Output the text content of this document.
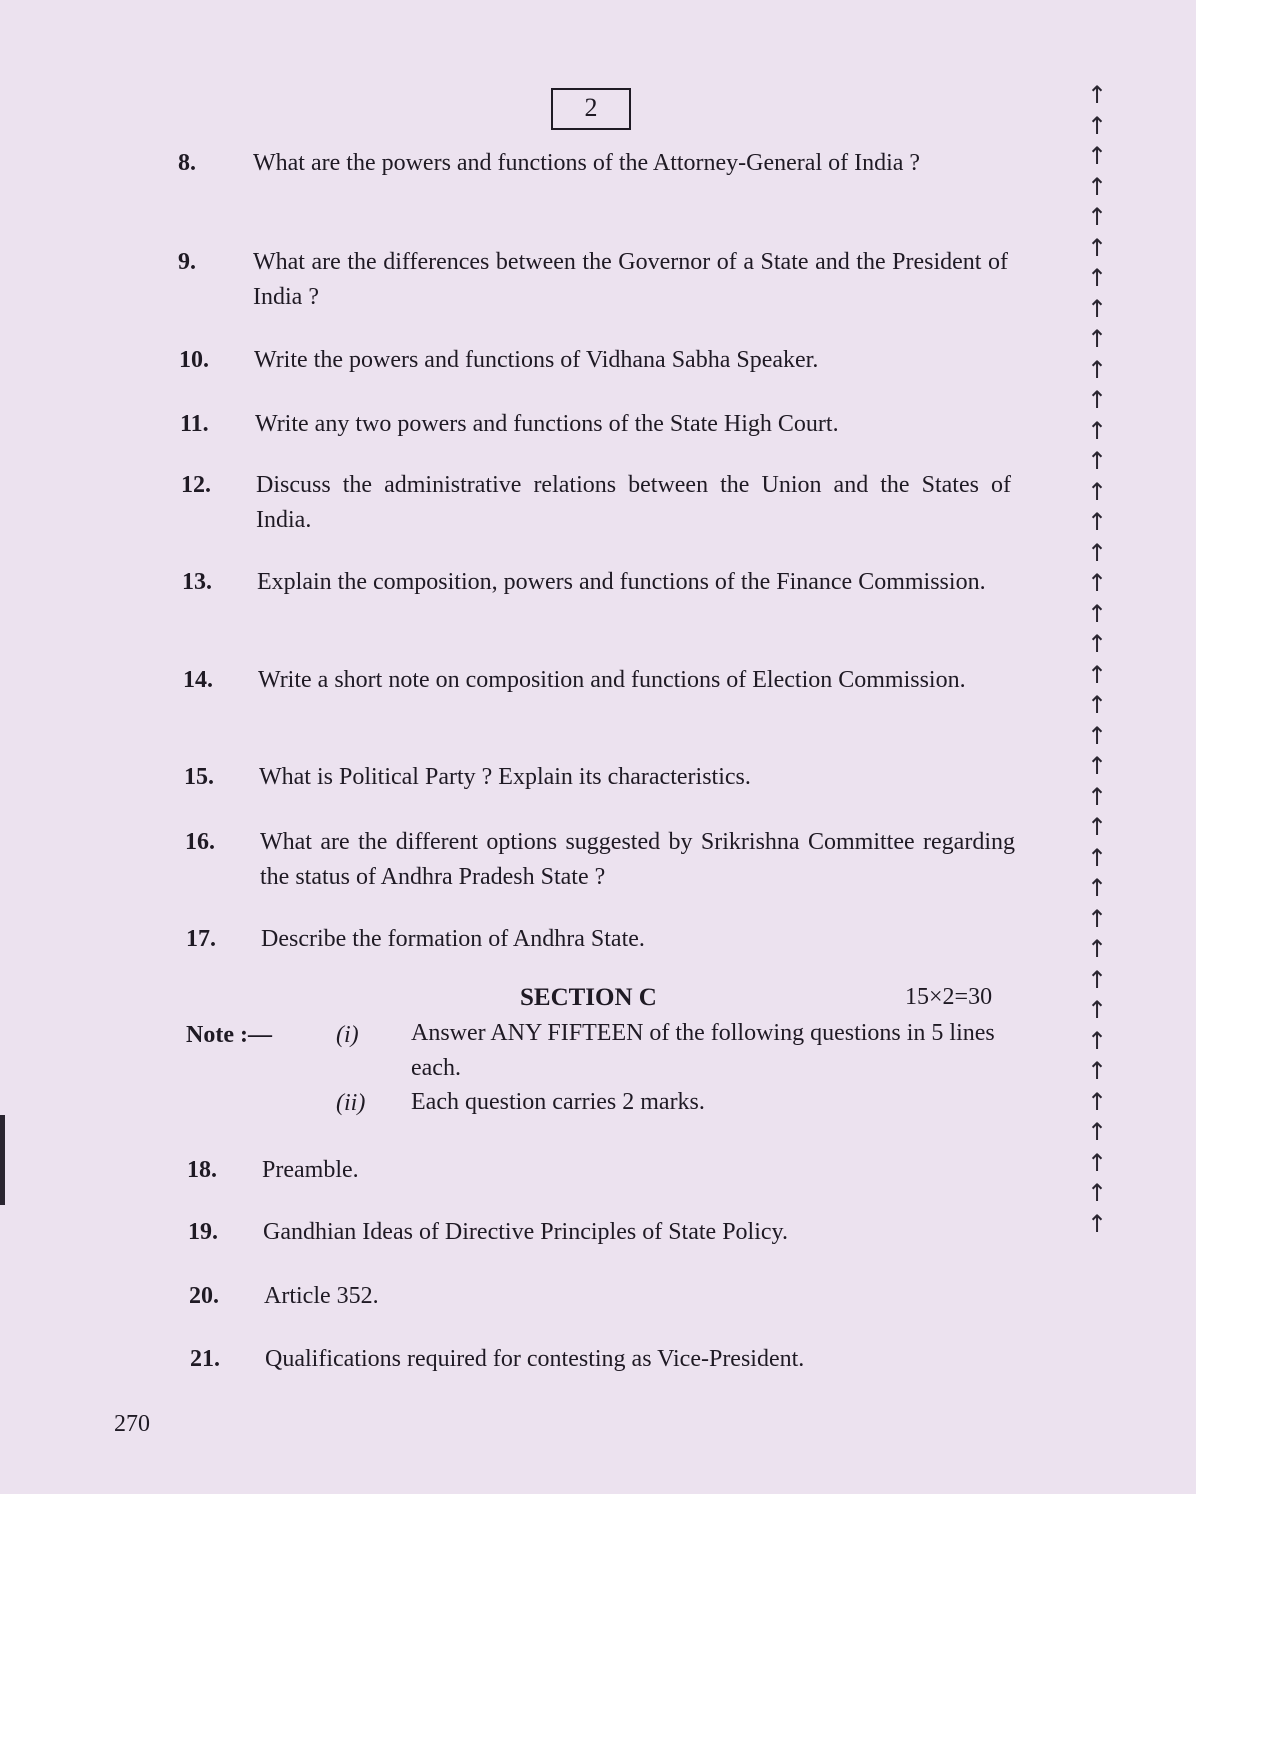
2
8. What are the powers and functions of the Attorney-General of India ?
9. What are the differences between the Governor of a State and the President of India ?
10. Write the powers and functions of Vidhana Sabha Speaker.
11. Write any two powers and functions of the State High Court.
12. Discuss the administrative relations between the Union and the States of India.
13. Explain the composition, powers and functions of the Finance Commission.
14. Write a short note on composition and functions of Election Commission.
15. What is Political Party ? Explain its characteristics.
16. What are the different options suggested by Srikrishna Committee regarding the status of Andhra Pradesh State ?
17. Describe the formation of Andhra State.
SECTION C	15×2=30
Note :—	(i) Answer ANY FIFTEEN of the following questions in 5 lines each.
(ii) Each question carries 2 marks.
18. Preamble.
19. Gandhian Ideas of Directive Principles of State Policy.
20. Article 352.
21. Qualifications required for contesting as Vice-President.
270
↑
↑
↑
↑
↑
↑
↑
↑
↑
↑
↑
↑
↑
↑
↑
↑
↑
↑
↑
↑
↑
↑
↑
↑
↑
↑
↑
↑
↑
↑
↑
↑
↑
↑
↑
↑
↑
↑
